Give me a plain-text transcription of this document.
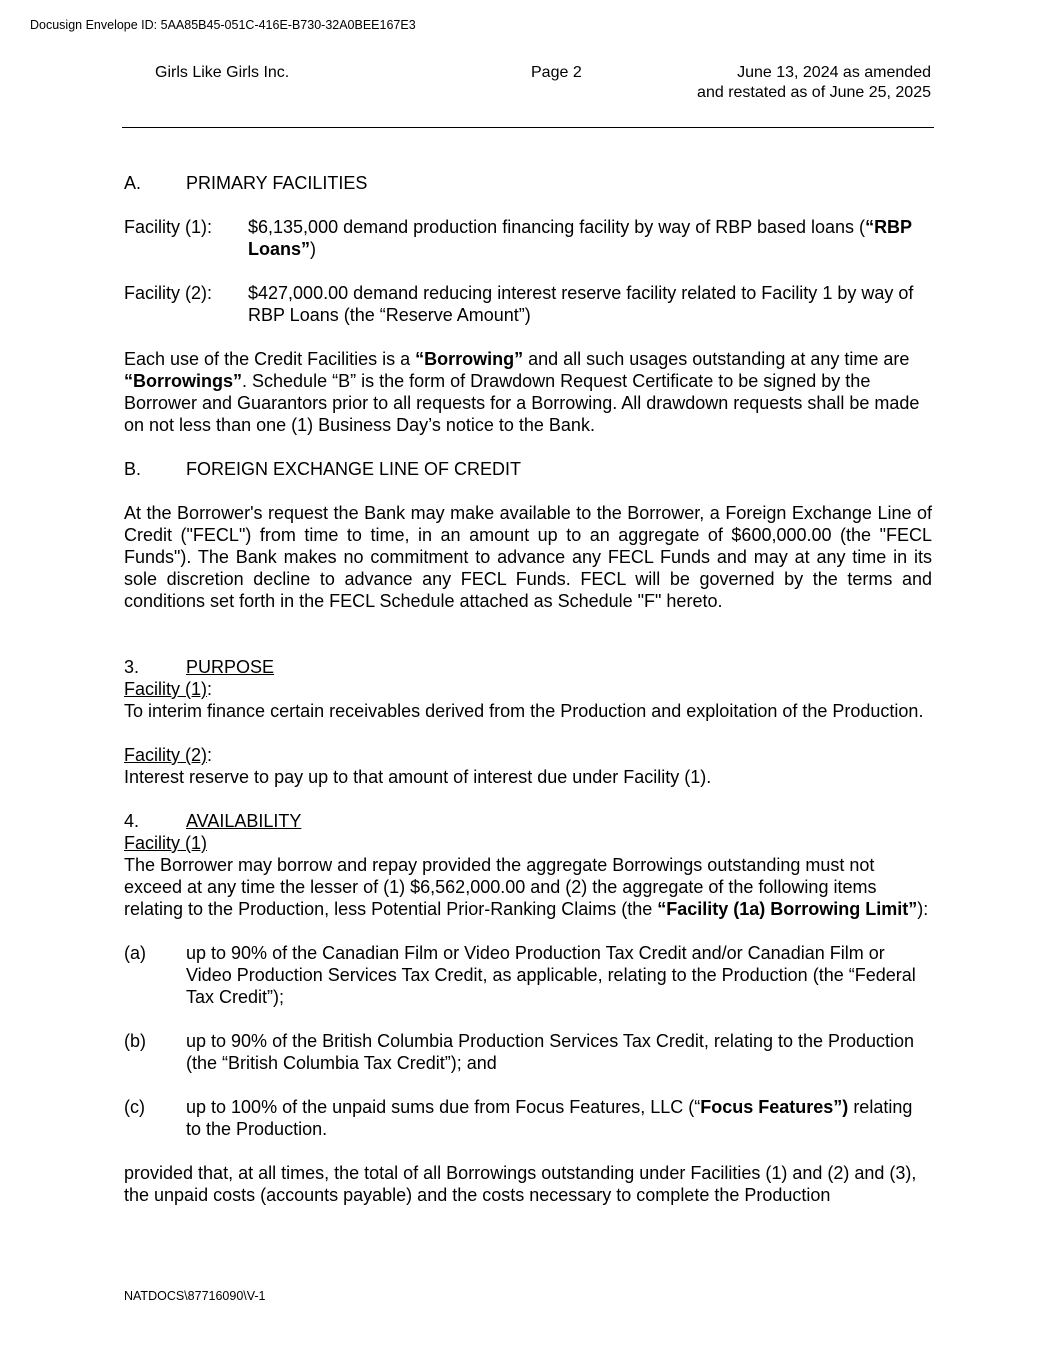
Docusign Envelope ID: 5AA85B45-051C-416E-B730-32A0BEE167E3
Girls Like Girls Inc.	Page 2	June 13, 2024 as amended
and restated as of June 25, 2025
A.	PRIMARY FACILITIES
Facility (1):	$6,135,000 demand production financing facility by way of RBP based loans (“RBP Loans”)
Facility (2):	$427,000.00 demand reducing interest reserve facility related to Facility 1 by way of RBP Loans (the “Reserve Amount”)

Each use of the Credit Facilities is a “Borrowing” and all such usages outstanding at any time are “Borrowings”. Schedule “B” is the form of Drawdown Request Certificate to be signed by the Borrower and Guarantors prior to all requests for a Borrowing. All drawdown requests shall be made on not less than one (1) Business Day’s notice to the Bank.

B.	FOREIGN EXCHANGE LINE OF CREDIT

At the Borrower's request the Bank may make available to the Borrower, a Foreign Exchange Line of Credit ("FECL") from time to time, in an amount up to an aggregate of $600,000.00 (the "FECL Funds"). The Bank makes no commitment to advance any FECL Funds and may at any time in its sole discretion decline to advance any FECL Funds. FECL will be governed by the terms and conditions set forth in the FECL Schedule attached as Schedule "F" hereto.

3.	PURPOSE

Facility (1):

To interim finance certain receivables derived from the Production and exploitation of the Production.

Facility (2):

Interest reserve to pay up to that amount of interest due under Facility (1).

4.	AVAILABILITY

Facility (1)

The Borrower may borrow and repay provided the aggregate Borrowings outstanding must not exceed at any time the lesser of (1) $6,562,000.00 and (2) the aggregate of the following items relating to the Production, less Potential Prior-Ranking Claims (the “Facility (1a) Borrowing Limit”):

(a)	up to 90% of the Canadian Film or Video Production Tax Credit and/or Canadian Film or Video Production Services Tax Credit, as applicable, relating to the Production (the “Federal Tax Credit”);
(b)	up to 90% of the British Columbia Production Services Tax Credit, relating to the Production (the “British Columbia Tax Credit”); and
(c)	up to 100% of the unpaid sums due from Focus Features, LLC (“Focus Features”) relating to the Production.

provided that, at all times, the total of all Borrowings outstanding under Facilities (1) and (2) and (3), the unpaid costs (accounts payable) and the costs necessary to complete the Production

NATDOCS\87716090\V-1
